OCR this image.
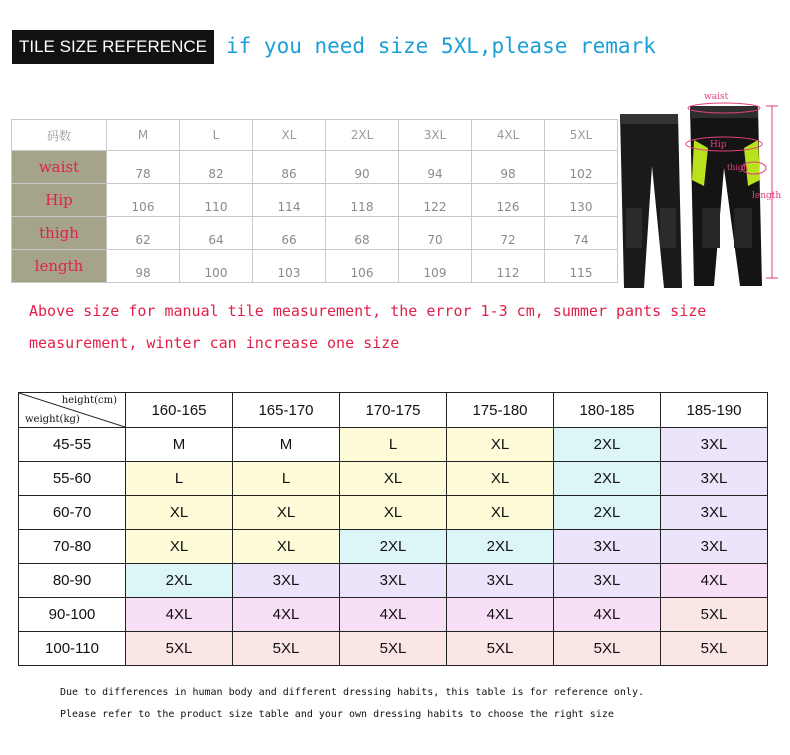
TILE SIZE REFERENCE if you need size 5XL,please remark
码数	M	L	XL	2XL	3XL	4XL	5XL
waist	78	82	86	90	94	98	102
Hip	106	110	114	118	122	126	130
thigh	62	64	66	68	70	72	74
length	98	100	103	106	109	112	115
waist
Hip
thigh
length
Above size for manual tile measurement, the error 1-3 cm, summer pants size
measurement, winter can increase one size
height(cm)
weight(kg)	160-165	165-170	170-175	175-180	180-185	185-190
45-55	M	M	L	XL	2XL	3XL
55-60	L	L	XL	XL	2XL	3XL
60-70	XL	XL	XL	XL	2XL	3XL
70-80	XL	XL	2XL	2XL	3XL	3XL
80-90	2XL	3XL	3XL	3XL	3XL	4XL
90-100	4XL	4XL	4XL	4XL	4XL	5XL
100-110	5XL	5XL	5XL	5XL	5XL	5XL
Due to differences in human body and different dressing habits, this table is for reference only.
Please refer to the product size table and your own dressing habits to choose the right size
